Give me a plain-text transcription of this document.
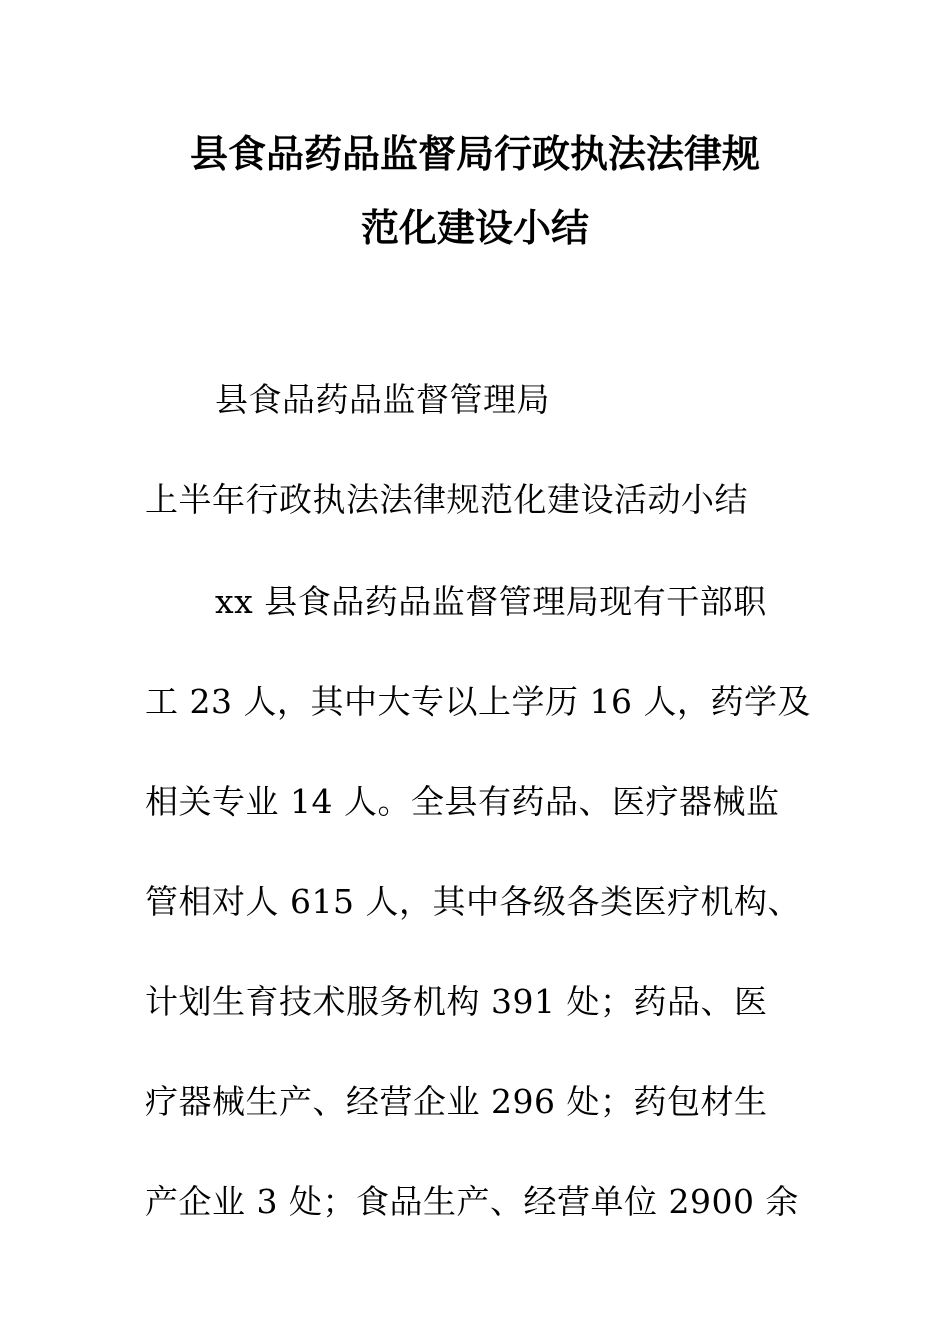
县食品药品监督局行政执法法律规
范化建设小结
县食品药品监督管理局
上半年行政执法法律规范化建设活动小结
xx 县食品药品监督管理局现有干部职
工 23 人，其中大专以上学历 16 人，药学及
相关专业 14 人。全县有药品、医疗器械监
管相对人 615 人，其中各级各类医疗机构、
计划生育技术服务机构 391 处；药品、医
疗器械生产、经营企业 296 处；药包材生
产企业 3 处；食品生产、经营单位 2900 余
